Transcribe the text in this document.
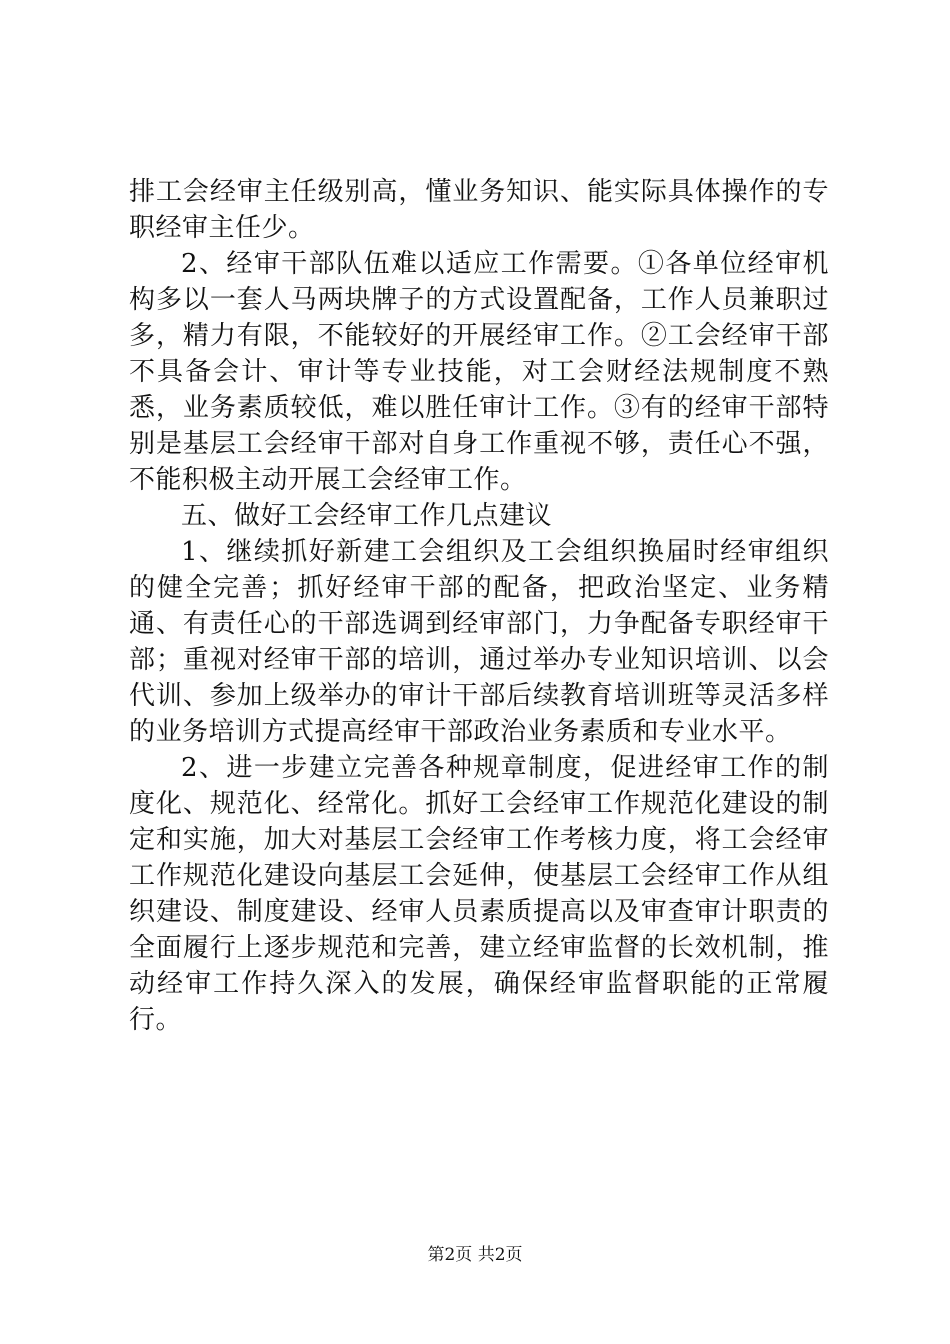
排工会经审主任级别高，懂业务知识、能实际具体操作的专职经审主任少。

2、经审干部队伍难以适应工作需要。①各单位经审机构多以一套人马两块牌子的方式设置配备，工作人员兼职过多，精力有限，不能较好的开展经审工作。②工会经审干部不具备会计、审计等专业技能，对工会财经法规制度不熟悉，业务素质较低，难以胜任审计工作。③有的经审干部特别是基层工会经审干部对自身工作重视不够，责任心不强，不能积极主动开展工会经审工作。

五、做好工会经审工作几点建议

1、继续抓好新建工会组织及工会组织换届时经审组织的健全完善；抓好经审干部的配备，把政治坚定、业务精通、有责任心的干部选调到经审部门，力争配备专职经审干部；重视对经审干部的培训，通过举办专业知识培训、以会代训、参加上级举办的审计干部后续教育培训班等灵活多样的业务培训方式提高经审干部政治业务素质和专业水平。

2、进一步建立完善各种规章制度，促进经审工作的制度化、规范化、经常化。抓好工会经审工作规范化建设的制定和实施，加大对基层工会经审工作考核力度，将工会经审工作规范化建设向基层工会延伸，使基层工会经审工作从组织建设、制度建设、经审人员素质提高以及审查审计职责的全面履行上逐步规范和完善，建立经审监督的长效机制，推动经审工作持久深入的发展，确保经审监督职能的正常履行。

第2页 共2页
